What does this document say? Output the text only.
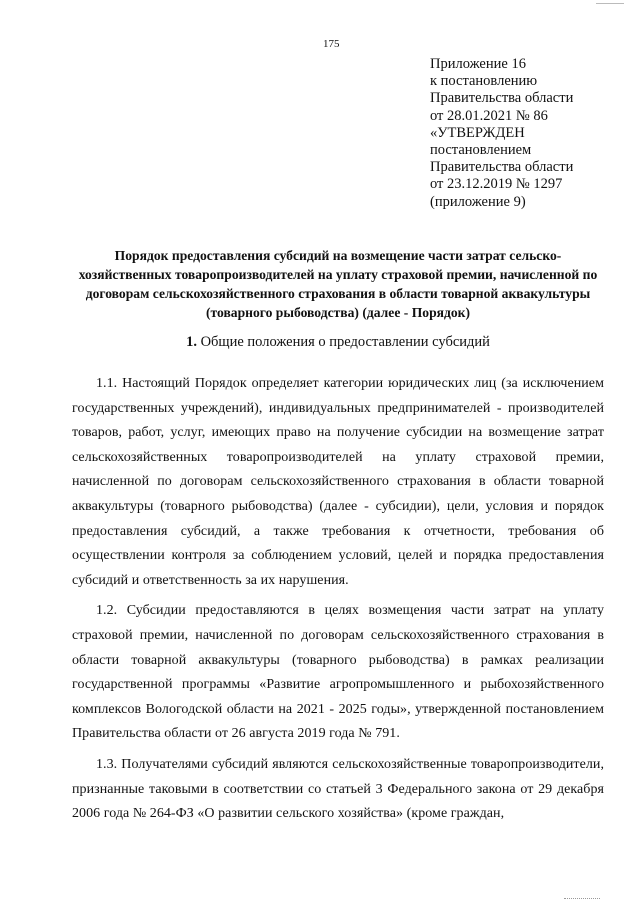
175
Приложение 16
к постановлению
Правительства области
от 28.01.2021 № 86
«УТВЕРЖДЕН
постановлением
Правительства области
от 23.12.2019 № 1297
(приложение 9)
Порядок предоставления субсидий на возмещение части затрат сельско-хозяйственных товаропроизводителей на уплату страховой премии, начисленной по договорам сельскохозяйственного страхования в области товарной аквакультуры (товарного рыбоводства) (далее - Порядок)
1. Общие положения о предоставлении субсидий

1.1. Настоящий Порядок определяет категории юридических лиц (за исключением государственных учреждений), индивидуальных предпринимателей - производителей товаров, работ, услуг, имеющих право на получение субсидии на возмещение затрат сельскохозяйственных товаропроизводителей на уплату страховой премии, начисленной по договорам сельскохозяйственного страхования в области товарной аквакультуры (товарного рыбоводства) (далее - субсидии), цели, условия и порядок предоставления субсидий, а также требования к отчетности, требования об осуществлении контроля за соблюдением условий, целей и порядка предоставления субсидий и ответственность за их нарушения.

1.2. Субсидии предоставляются в целях возмещения части затрат на уплату страховой премии, начисленной по договорам сельскохозяйственного страхования в области товарной аквакультуры (товарного рыбоводства) в рамках реализации государственной программы «Развитие агропромышленного и рыбохозяйственного комплексов Вологодской области на 2021 - 2025 годы», утвержденной постановлением Правительства области от 26 августа 2019 года № 791.

1.3. Получателями субсидий являются сельскохозяйственные товаропроизводители, признанные таковыми в соответствии со статьей 3 Федерального закона от 29 декабря 2006 года № 264-ФЗ «О развитии сельского хозяйства» (кроме граждан,
